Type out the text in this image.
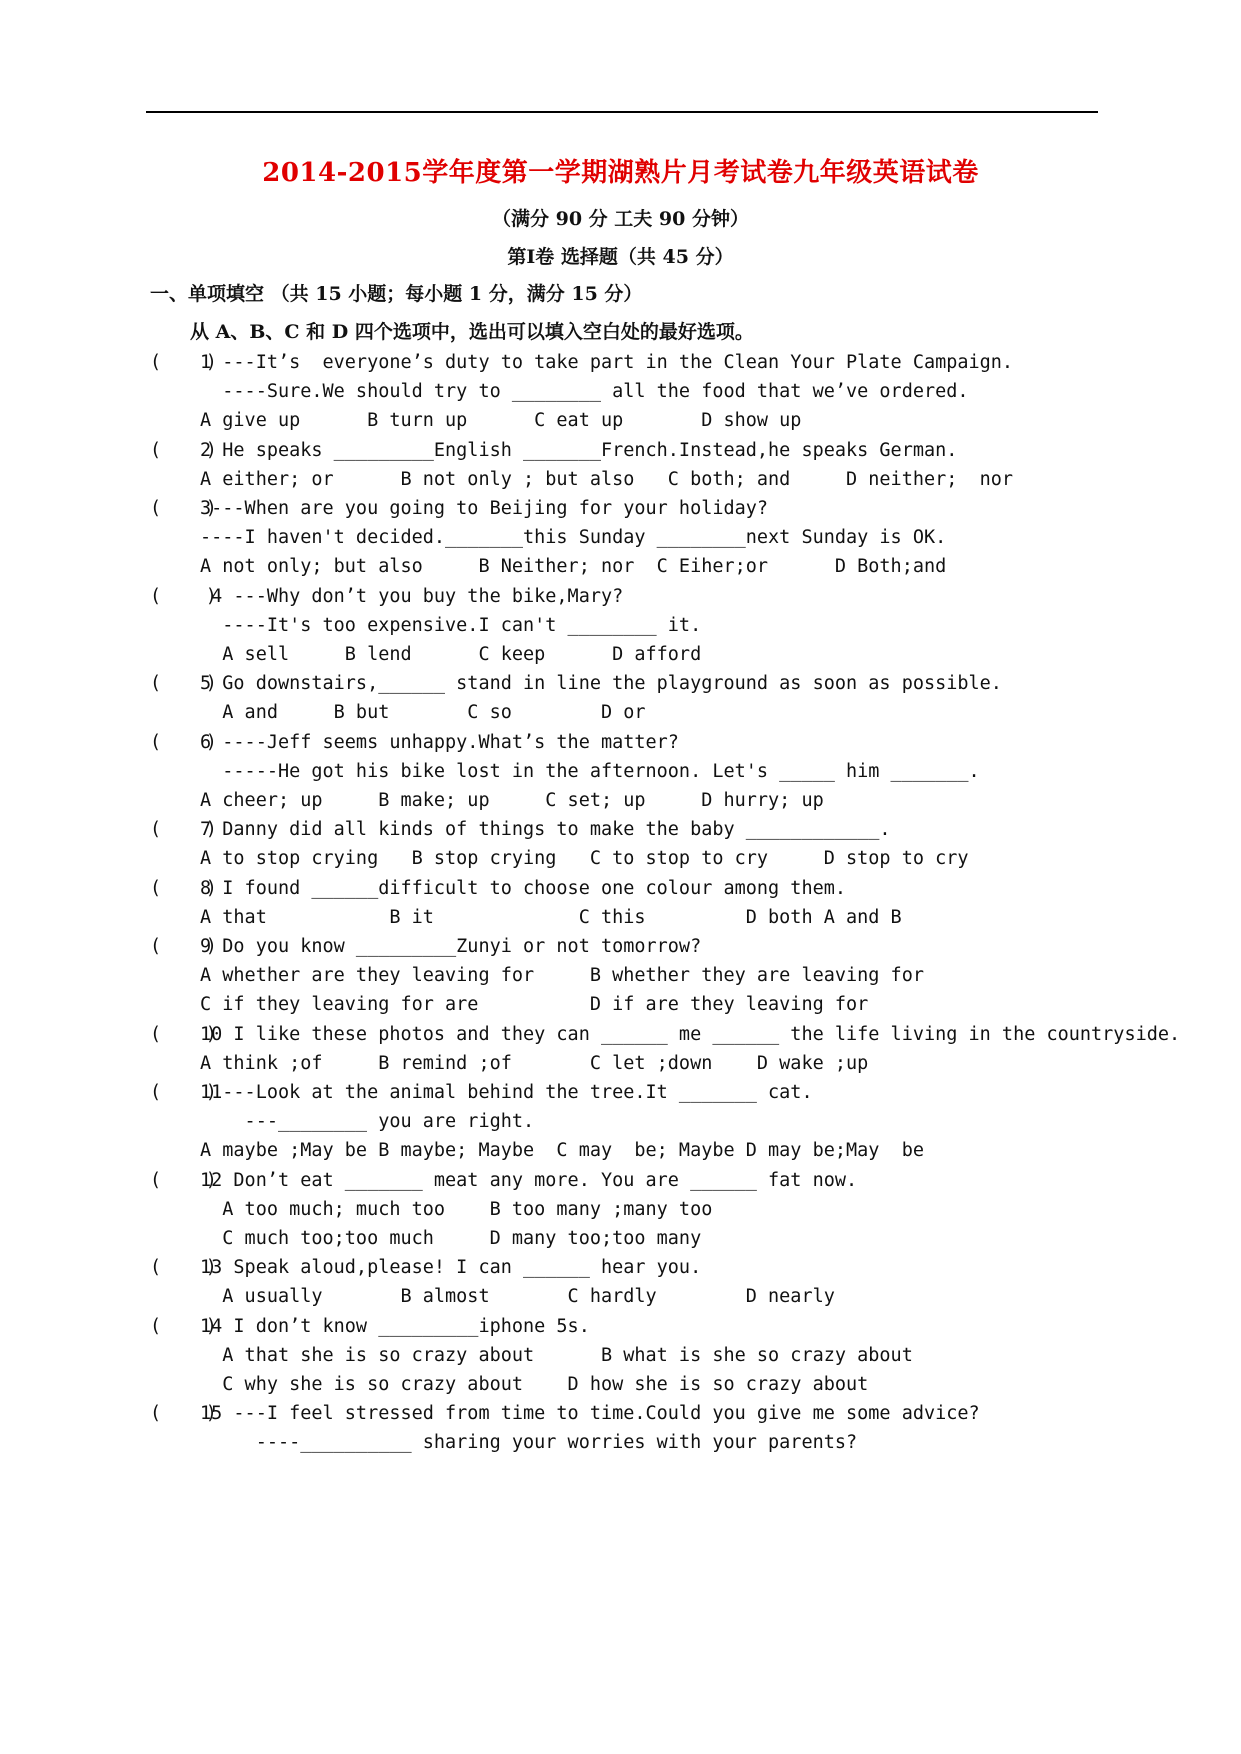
2014-2015学年度第一学期湖熟片月考试卷九年级英语试卷
（满分 90 分 工夫 90 分钟）
第Ⅰ卷 选择题（共 45 分）
一、单项填空 （共 15 小题；每小题 1 分，满分 15 分）
从 A、B、C 和 D 四个选项中，选出可以填入空白处的最好选项。
(    )
1 ---It’s  everyone’s duty to take part in the Clean Your Plate Campaign.
----Sure.We should try to ________ all the food that we’ve ordered.
A give up      B turn up      C eat up       D show up
(    )
2 He speaks _________English _______French.Instead,he speaks German.
A either; or      B not only ; but also   C both; and     D neither;  nor
(    )
3---When are you going to Beijing for your holiday?
----I haven't decided._______this Sunday ________next Sunday is OK.
A not only; but also     B Neither; nor  C Eiher;or      D Both;and
(    )
4 ---Why don’t you buy the bike,Mary?
----It's too expensive.I can't ________ it.
A sell     B lend      C keep      D afford
(    )
5 Go downstairs,______ stand in line the playground as soon as possible.
A and     B but       C so        D or
(    )
6 ----Jeff seems unhappy.What’s the matter?
-----He got his bike lost in the afternoon. Let's _____ him _______.
A cheer; up     B make; up     C set; up     D hurry; up
(    )
7 Danny did all kinds of things to make the baby ____________.
A to stop crying   B stop crying   C to stop to cry     D stop to cry
(    )
8 I found ______difficult to choose one colour among them.
A that           B it             C this         D both A and B
(    )
9 Do you know _________Zunyi or not tomorrow?
A whether are they leaving for     B whether they are leaving for
C if they leaving for are          D if are they leaving for
(    )
10 I like these photos and they can ______ me ______ the life living in the countryside.
A think ;of     B remind ;of       C let ;down    D wake ;up
(    )
11---Look at the animal behind the tree.It _______ cat.
---________ you are right.
A maybe ;May be B maybe; Maybe  C may  be; Maybe D may be;May  be
(    )
12 Don’t eat _______ meat any more. You are ______ fat now.
A too much; much too    B too many ;many too
C much too;too much     D many too;too many
(    )
13 Speak aloud,please! I can ______ hear you.
A usually       B almost       C hardly        D nearly
(    )
14 I don’t know _________iphone 5s.
A that she is so crazy about      B what is she so crazy about
C why she is so crazy about    D how she is so crazy about
(    )
15 ---I feel stressed from time to time.Could you give me some advice?
----__________ sharing your worries with your parents?
